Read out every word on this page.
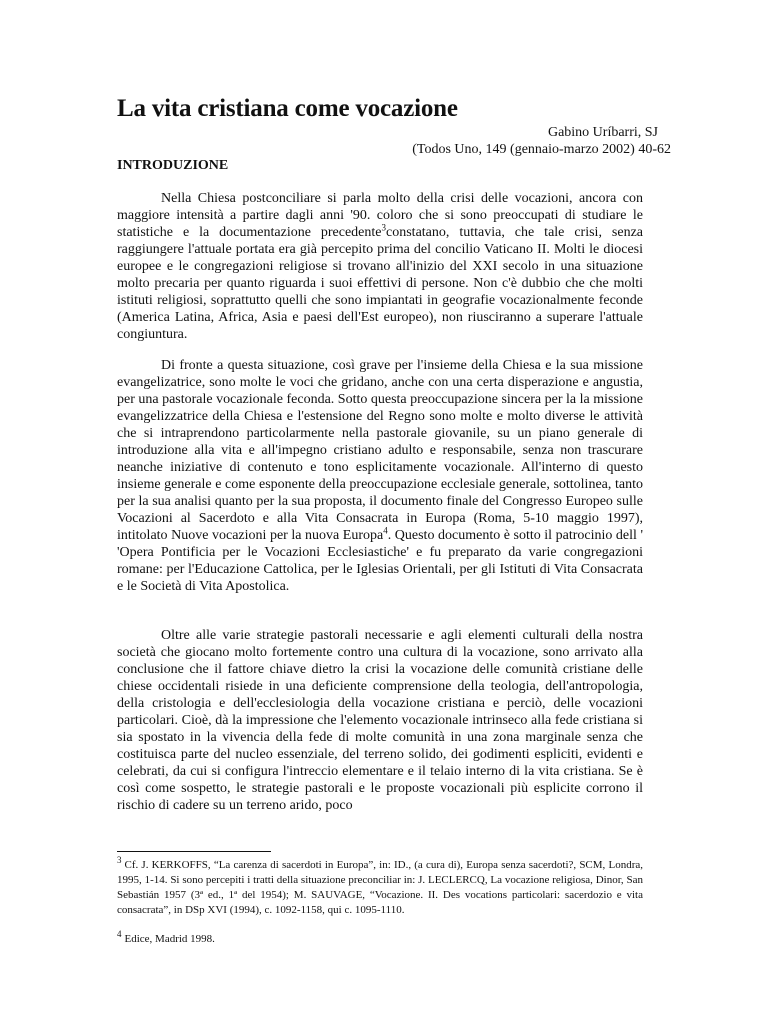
La vita cristiana come vocazione
Gabino Uríbarri, SJ
(Todos Uno, 149 (gennaio-marzo 2002) 40-62
INTRODUZIONE

Nella Chiesa postconciliare si parla molto della crisi delle vocazioni, ancora con maggiore intensità a partire dagli anni '90. coloro che si sono preoccupati di studiare le statistiche e la documentazione precedente$^3$constatano, tuttavia, che tale crisi, senza raggiungere l'attuale portata era già percepito prima del concilio Vaticano II. Molti le diocesi europee e le congregazioni religiose si trovano all'inizio del XXI secolo in una situazione molto precaria per quanto riguarda i suoi effettivi di persone. Non c'è dubbio che che molti istituti religiosi, soprattutto quelli che sono impiantati in geografie vocazionalmente feconde (America Latina, Africa, Asia e paesi dell'Est europeo), non riusciranno a superare l'attuale congiuntura.

Di fronte a questa situazione, così grave per l'insieme della Chiesa e la sua missione evangelizatrice, sono molte le voci che gridano, anche con una certa disperazione e angustia, per una pastorale vocazionale feconda. Sotto questa preoccupazione sincera per la la missione evangelizzatrice della Chiesa e l'estensione del Regno sono molte e molto diverse le attività che si intraprendono particolarmente nella pastorale giovanile, su un piano generale di introduzione alla vita e all'impegno cristiano adulto e responsabile, senza non trascurare neanche iniziative di contenuto e tono esplicitamente vocazionale. All'interno di questo insieme generale e come esponente della preoccupazione ecclesiale generale, sottolinea, tanto per la sua analisi quanto per la sua proposta, il documento finale del Congresso Europeo sulle Vocazioni al Sacerdoto e alla Vita Consacrata in Europa (Roma, 5-10 maggio 1997), intitolato Nuove vocazioni per la nuova Europa$^4$. Questo documento è sotto il patrocinio dell ' 'Opera Pontificia per le Vocazioni Ecclesiastiche' e fu preparato da varie congregazioni romane: per l'Educazione Cattolica, per le Iglesias Orientali, per gli Istituti di Vita Consacrata e le Società di Vita Apostolica.

Oltre alle varie strategie pastorali necessarie e agli elementi culturali della nostra società che giocano molto fortemente contro una cultura di la vocazione, sono arrivato alla conclusione che il fattore chiave dietro la crisi la vocazione delle comunità cristiane delle chiese occidentali risiede in una deficiente comprensione della teologia, dell'antropologia, della cristologia e dell'ecclesiologia della vocazione cristiana e perciò, delle vocazioni particolari. Cioè, dà la impressione che l'elemento vocazionale intrinseco alla fede cristiana si sia spostato in la vivencia della fede di molte comunità in una zona marginale senza che costituisca parte del nucleo essenziale, del terreno solido, dei godimenti espliciti, evidenti e celebrati, da cui si configura l'intreccio elementare e il telaio interno di la vita cristiana. Se è così come sospetto, le strategie pastorali e le proposte vocazionali più esplicite corrono il rischio di cadere su un terreno arido, poco

$^3$ Cf. J. KERKOFFS, “La carenza di sacerdoti in Europa”, in: ID., (a cura di), Europa senza sacerdoti?, SCM, Londra, 1995, 1-14. Si sono percepiti i tratti della situazione preconciliar in: J. LECLERCQ, La vocazione religiosa, Dinor, San Sebastián 1957 (3ª ed., 1ª del 1954); M. SAUVAGE, “Vocazione. II. Des vocations particolari: sacerdozio e vita consacrata”, in DSp XVI (1994), c. 1092-1158, qui c. 1095-1110.

$^4$ Edice, Madrid 1998.
